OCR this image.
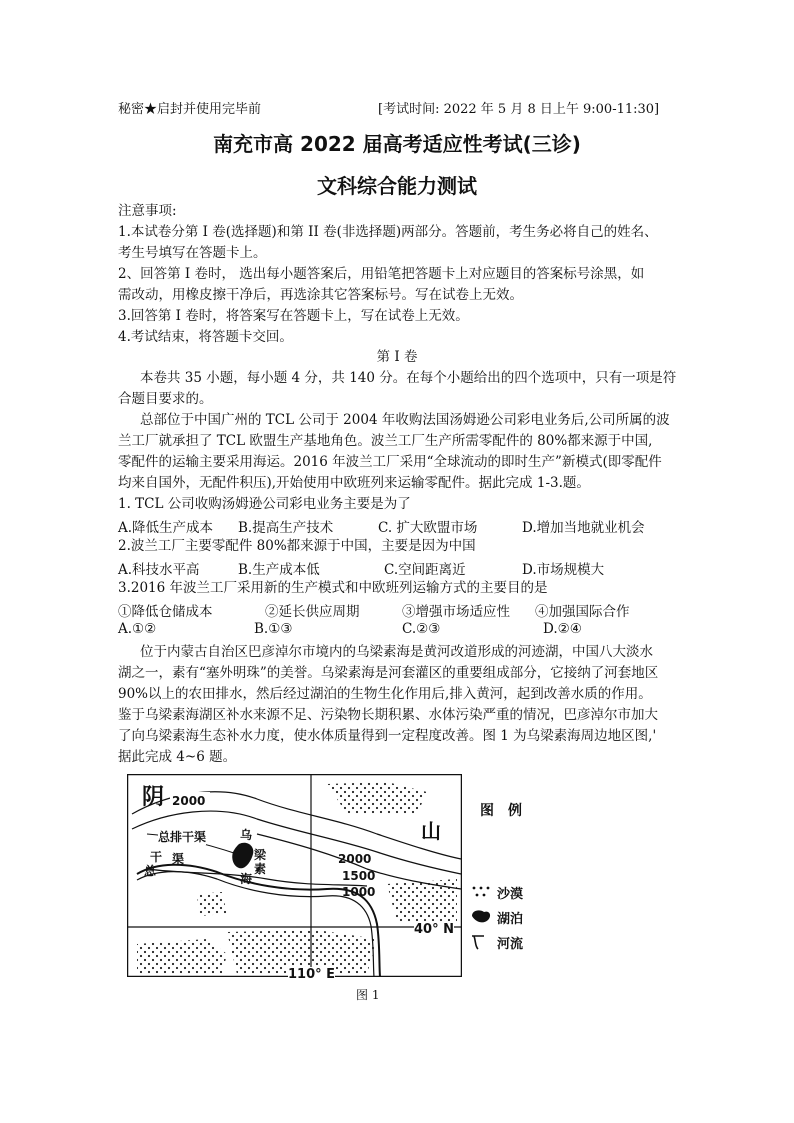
秘密★启封并使用完毕前	[考试时间: 2022 年 5 月 8 日上午 9:00-11:30]
南充市高 2022 届高考适应性考试(三诊)
文科综合能力测试
注意事项:
1.本试卷分第 I 卷(选择题)和第 II 卷(非选择题)两部分。答题前，考生务必将自己的姓名、
考生号填写在答题卡上。
2、回答第 I 卷时， 选出每小题答案后，用铅笔把答题卡上对应题目的答案标号涂黑，如
需改动，用橡皮擦干净后，再选涂其它答案标号。写在试卷上无效。
3.回答第 I 卷时，将答案写在答题卡上，写在试卷上无效。
4.考试结束，将答题卡交回。
第 I 卷
本卷共 35 小题，每小题 4 分，共 140 分。在每个小题给出的四个选项中，只有一项是符
合题目要求的。
总部位于中国广州的 TCL 公司于 2004 年收购法国汤姆逊公司彩电业务后,公司所属的波
兰工厂就承担了 TCL 欧盟生产基地角色。波兰工厂生产所需零配件的 80%都来源于中国,
零配件的运输主要采用海运。2016 年波兰工厂采用“全球流动的即时生产”新模式(即零配件
均来自国外，无配件积压),开始使用中欧班列来运输零配件。据此完成 1-3.题。
1. TCL 公司收购汤姆逊公司彩电业务主要是为了
A.降低生产成本 B.提高生产技术	C. 扩大欧盟市场	D.增加当地就业机会
2.波兰工厂主要零配件 80%都来源于中国，主要是因为中国
A.科技水平高	B.生产成本低	C.空间距离近	D.市场规模大
3.2016 年波兰工厂采用新的生产模式和中欧班列运输方式的主要目的是
①降低仓储成本	②延长供应周期	③增强市场适应性 ④加强国际合作
A.①②	B.①③	C.②③	D.②④
位于内蒙古自治区巴彦淖尔市境内的乌梁素海是黄河改道形成的河迹湖，中国八大淡水
湖之一，素有“塞外明珠”的美誉。乌梁素海是河套灌区的重要组成部分，它接纳了河套地区
90%以上的农田排水，然后经过湖泊的生物生化作用后,排入黄河，起到改善水质的作用。
鉴于乌梁素海湖区补水来源不足、污染物长期积累、水体污染严重的情况，巴彦淖尔市加大
了向乌梁素海生态补水力度，使水体质量得到一定程度改善。图 1 为乌梁素海周边地区图,'
据此完成 4~6 题。
阴
山
2000
总排干渠	乌
梁
素
海
总
干 渠	2000
1500
1000
40° N
110° E
图 1
图　例
沙漠
湖泊
河流
